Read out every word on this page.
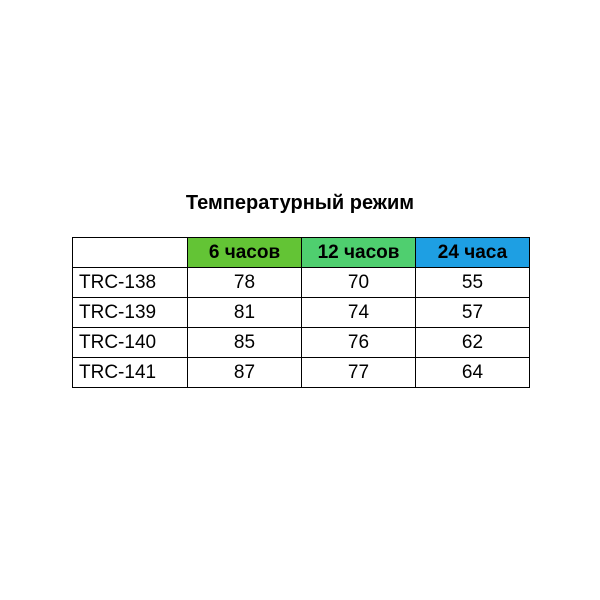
Температурный режим
	6 часов	12 часов	24 часа
TRC-138	78	70	55
TRC-139	81	74	57
TRC-140	85	76	62
TRC-141	87	77	64
